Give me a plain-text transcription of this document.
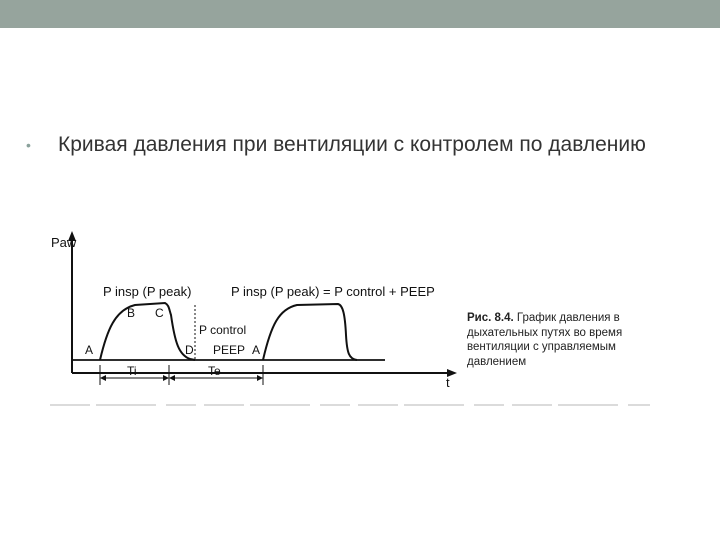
• Кривая давления при вентиляции с контролем по давлению
Paw
t
P insp (P peak)	P insp (P peak) = P control + PEEP
B C
A	D PEEP A
P control
Ti	Te
Рис. 8.4. График давления в дыхательных путях во время вентиляции с управляемым давлением
